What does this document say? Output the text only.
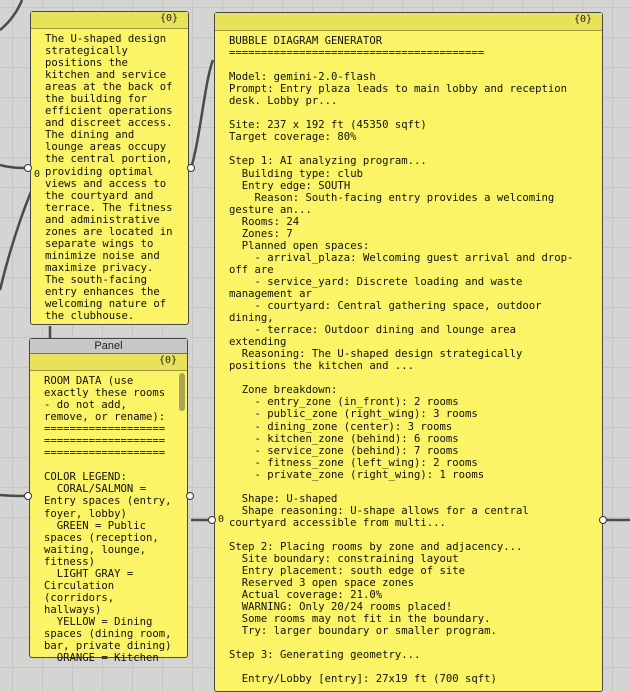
{0}
The U-shaped design
strategically
positions the
kitchen and service
areas at the back of
the building for
efficient operations
and discreet access.
The dining and
lounge areas occupy
the central portion,
providing optimal
views and access to
the courtyard and
terrace. The fitness
and administrative
zones are located in
separate wings to
minimize noise and
maximize privacy.
The south-facing
entry enhances the
welcoming nature of
the clubhouse.
0
Panel
{0}
ROOM DATA (use
exactly these rooms
- do not add,
remove, or rename):
===================
===================
===================

COLOR LEGEND:
CORAL/SALMON =
Entry spaces (entry,
foyer, lobby)
GREEN = Public
spaces (reception,
waiting, lounge,
fitness)
LIGHT GRAY =
Circulation
(corridors,
hallways)
YELLOW = Dining
spaces (dining room,
bar, private dining)
ORANGE = Kitchen
{0}
BUBBLE DIAGRAM GENERATOR
========================================

Model: gemini-2.0-flash
Prompt: Entry plaza leads to main lobby and reception
desk. Lobby pr...

Site: 237 x 192 ft (45350 sqft)
Target coverage: 80%

Step 1: AI analyzing program...
Building type: club
Entry edge: SOUTH
Reason: South-facing entry provides a welcoming
gesture an...
Rooms: 24
Zones: 7
Planned open spaces:
- arrival_plaza: Welcoming guest arrival and drop-
off are
- service_yard: Discrete loading and waste
management ar
- courtyard: Central gathering space, outdoor
dining,
- terrace: Outdoor dining and lounge area
extending
Reasoning: The U-shaped design strategically
positions the kitchen and ...

Zone breakdown:
- entry_zone (in_front): 2 rooms
- public_zone (right_wing): 3 rooms
- dining_zone (center): 3 rooms
- kitchen_zone (behind): 6 rooms
- service_zone (behind): 7 rooms
- fitness_zone (left_wing): 2 rooms
- private_zone (right_wing): 1 rooms

Shape: U-shaped
Shape reasoning: U-shape allows for a central
courtyard accessible from multi...

Step 2: Placing rooms by zone and adjacency...
Site boundary: constraining layout
Entry placement: south edge of site
Reserved 3 open space zones
Actual coverage: 21.0%
WARNING: Only 20/24 rooms placed!
Some rooms may not fit in the boundary.
Try: larger boundary or smaller program.

Step 3: Generating geometry...

Entry/Lobby [entry]: 27x19 ft (700 sqft)
0
